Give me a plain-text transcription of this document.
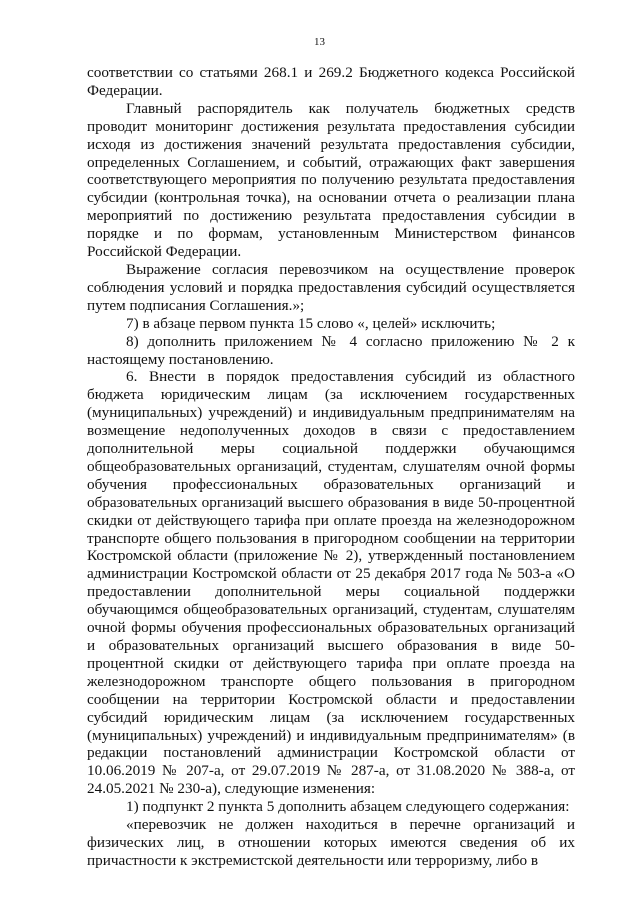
13

соответствии со статьями 268.1 и 269.2 Бюджетного кодекса Российской Федерации.

Главный распорядитель как получатель бюджетных средств проводит мониторинг достижения результата предоставления субсидии исходя из достижения значений результата предоставления субсидии, определенных Соглашением, и событий, отражающих факт завершения соответствующего мероприятия по получению результата предоставления субсидии (контрольная точка), на основании отчета о реализации плана мероприятий по достижению результата предоставления субсидии в порядке и по формам, установленным Министерством финансов Российской Федерации.

Выражение согласия перевозчиком на осуществление проверок соблюдения условий и порядка предоставления субсидий осуществляется путем подписания Соглашения.»;

7) в абзаце первом пункта 15 слово «, целей» исключить;

8) дополнить приложением № 4 согласно приложению № 2 к настоящему постановлению.

6. Внести в порядок предоставления субсидий из областного бюджета юридическим лицам (за исключением государственных (муниципальных) учреждений) и индивидуальным предпринимателям на возмещение недополученных доходов в связи с предоставлением дополнительной меры социальной поддержки обучающимся общеобразовательных организаций, студентам, слушателям очной формы обучения профессиональных образовательных организаций и образовательных организаций высшего образования в виде 50-процентной скидки от действующего тарифа при оплате проезда на железнодорожном транспорте общего пользования в пригородном сообщении на территории Костромской области (приложение № 2), утвержденный постановлением администрации Костромской области от 25 декабря 2017 года № 503-а «О предоставлении дополнительной меры социальной поддержки обучающимся общеобразовательных организаций, студентам, слушателям очной формы обучения профессиональных образовательных организаций и образовательных организаций высшего образования в виде 50-процентной скидки от действующего тарифа при оплате проезда на железнодорожном транспорте общего пользования в пригородном сообщении на территории Костромской области и предоставлении субсидий юридическим лицам (за исключением государственных (муниципальных) учреждений) и индивидуальным предпринимателям» (в редакции постановлений администрации Костромской области от 10.06.2019 № 207-а, от 29.07.2019 № 287-а, от 31.08.2020 № 388-а, от 24.05.2021 № 230-а), следующие изменения:

1) подпункт 2 пункта 5 дополнить абзацем следующего содержания:

«перевозчик не должен находиться в перечне организаций и физических лиц, в отношении которых имеются сведения об их причастности к экстремистской деятельности или терроризму, либо в
